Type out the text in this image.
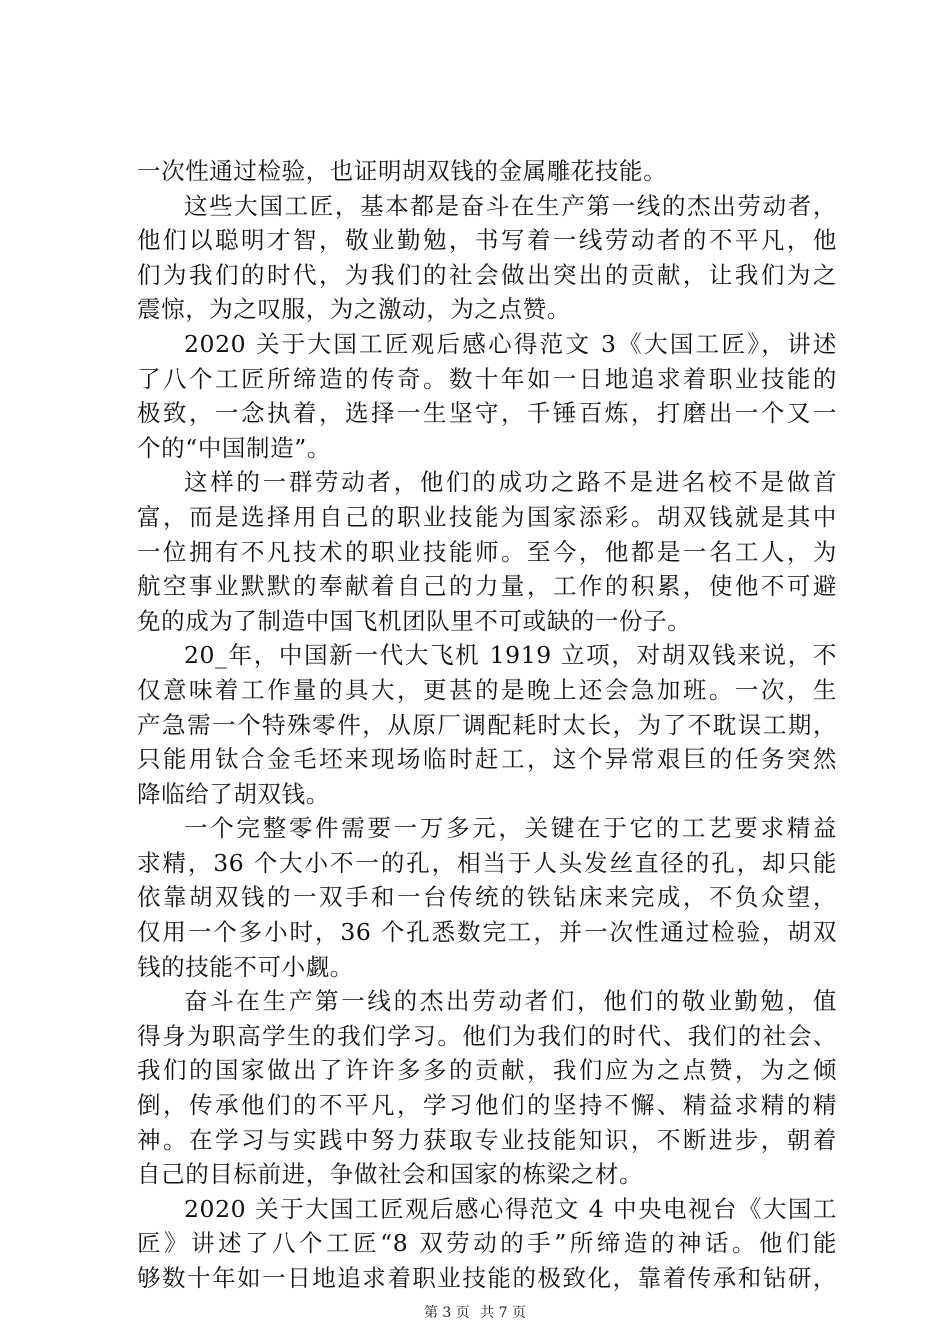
一次性通过检验，也证明胡双钱的金属雕花技能。
这些大国工匠，基本都是奋斗在生产第一线的杰出劳动者，
他们以聪明才智，敬业勤勉，书写着一线劳动者的不平凡，他
们为我们的时代，为我们的社会做出突出的贡献，让我们为之
震惊，为之叹服，为之激动，为之点赞。
2020 关于大国工匠观后感心得范文 3《大国工匠》，讲述
了八个工匠所缔造的传奇。数十年如一日地追求着职业技能的
极致，一念执着，选择一生坚守，千锤百炼，打磨出一个又一
个的“中国制造”。
这样的一群劳动者，他们的成功之路不是进名校不是做首
富，而是选择用自己的职业技能为国家添彩。胡双钱就是其中
一位拥有不凡技术的职业技能师。至今，他都是一名工人，为
航空事业默默的奉献着自己的力量，工作的积累，使他不可避
免的成为了制造中国飞机团队里不可或缺的一份子。
20_年，中国新一代大飞机 1919 立项，对胡双钱来说，不
仅意味着工作量的具大，更甚的是晚上还会急加班。一次，生
产急需一个特殊零件，从原厂调配耗时太长，为了不耽误工期，
只能用钛合金毛坯来现场临时赶工，这个异常艰巨的任务突然
降临给了胡双钱。
一个完整零件需要一万多元，关键在于它的工艺要求精益
求精，36 个大小不一的孔，相当于人头发丝直径的孔，却只能
依靠胡双钱的一双手和一台传统的铁钻床来完成，不负众望，
仅用一个多小时，36 个孔悉数完工，并一次性通过检验，胡双
钱的技能不可小觑。
奋斗在生产第一线的杰出劳动者们，他们的敬业勤勉，值
得身为职高学生的我们学习。他们为我们的时代、我们的社会、
我们的国家做出了许许多多的贡献，我们应为之点赞，为之倾
倒，传承他们的不平凡，学习他们的坚持不懈、精益求精的精
神。在学习与实践中努力获取专业技能知识，不断进步，朝着
自己的目标前进，争做社会和国家的栋梁之材。
2020 关于大国工匠观后感心得范文 4 中央电视台《大国工
匠》讲述了八个工匠“8 双劳动的手”所缔造的神话。他们能
够数十年如一日地追求着职业技能的极致化，靠着传承和钻研，
第 3 页 共 7 页
